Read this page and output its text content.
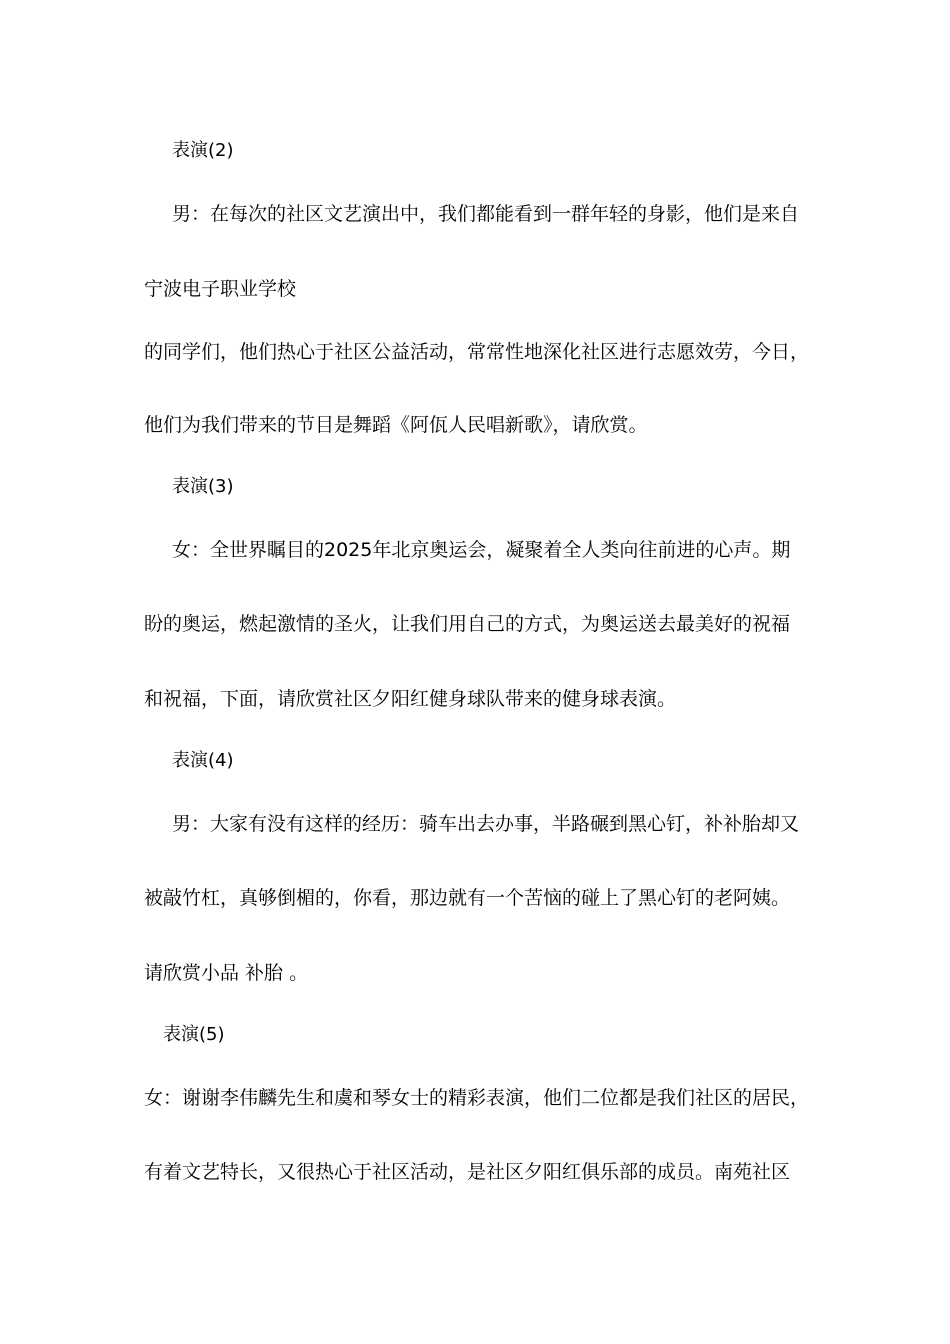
表演(2)
男：在每次的社区文艺演出中，我们都能看到一群年轻的身影，他们是来自
宁波电子职业学校
的同学们，他们热心于社区公益活动，常常性地深化社区进行志愿效劳，今日，
他们为我们带来的节目是舞蹈《阿佤人民唱新歌》，请欣赏。
表演(3)
女：全世界瞩目的2025年北京奥运会，凝聚着全人类向往前进的心声。期
盼的奥运，燃起激情的圣火，让我们用自己的方式，为奥运送去最美好的祝福
和祝福，下面，请欣赏社区夕阳红健身球队带来的健身球表演。
表演(4)
男：大家有没有这样的经历：骑车出去办事，半路碾到黑心钉，补补胎却又
被敲竹杠，真够倒楣的，你看，那边就有一个苦恼的碰上了黑心钉的老阿姨。
请欣赏小品 补胎 。
表演(5)
女：谢谢李伟麟先生和虞和琴女士的精彩表演，他们二位都是我们社区的居民，
有着文艺特长，又很热心于社区活动，是社区夕阳红俱乐部的成员。南苑社区
